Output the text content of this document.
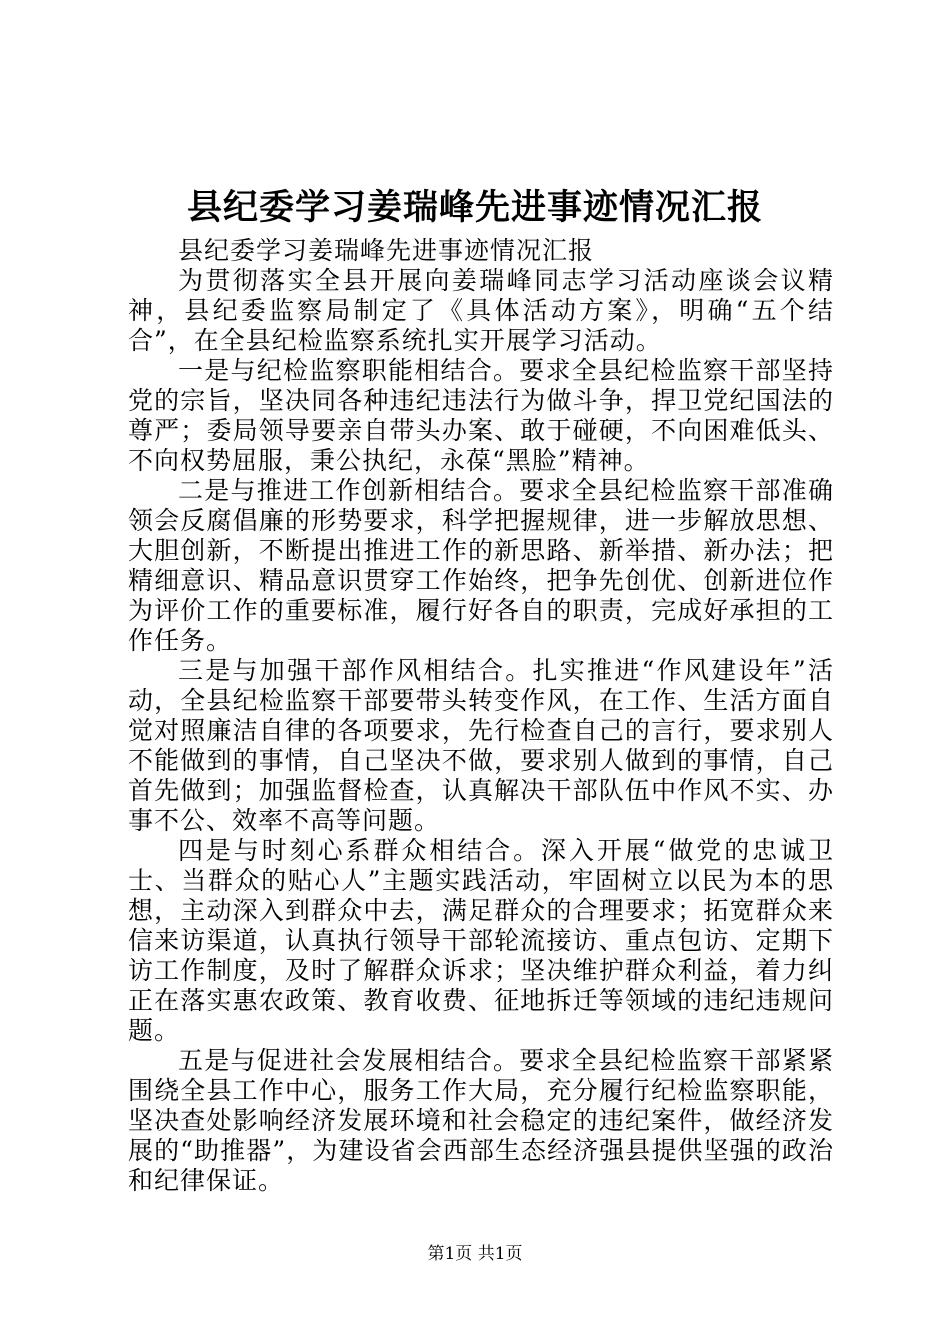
县纪委学习姜瑞峰先进事迹情况汇报

县纪委学习姜瑞峰先进事迹情况汇报

为贯彻落实全县开展向姜瑞峰同志学习活动座谈会议精神，县纪委监察局制定了《具体活动方案》，明确“五个结合”，在全县纪检监察系统扎实开展学习活动。

一是与纪检监察职能相结合。要求全县纪检监察干部坚持党的宗旨，坚决同各种违纪违法行为做斗争，捍卫党纪国法的尊严；委局领导要亲自带头办案、敢于碰硬，不向困难低头、不向权势屈服，秉公执纪，永葆“黑脸”精神。

二是与推进工作创新相结合。要求全县纪检监察干部准确领会反腐倡廉的形势要求，科学把握规律，进一步解放思想、大胆创新，不断提出推进工作的新思路、新举措、新办法；把精细意识、精品意识贯穿工作始终，把争先创优、创新进位作为评价工作的重要标准，履行好各自的职责，完成好承担的工作任务。

三是与加强干部作风相结合。扎实推进“作风建设年”活动，全县纪检监察干部要带头转变作风，在工作、生活方面自觉对照廉洁自律的各项要求，先行检查自己的言行，要求别人不能做到的事情，自己坚决不做，要求别人做到的事情，自己首先做到；加强监督检查，认真解决干部队伍中作风不实、办事不公、效率不高等问题。

四是与时刻心系群众相结合。深入开展“做党的忠诚卫士、当群众的贴心人”主题实践活动，牢固树立以民为本的思想，主动深入到群众中去，满足群众的合理要求；拓宽群众来信来访渠道，认真执行领导干部轮流接访、重点包访、定期下访工作制度，及时了解群众诉求；坚决维护群众利益，着力纠正在落实惠农政策、教育收费、征地拆迁等领域的违纪违规问题。

五是与促进社会发展相结合。要求全县纪检监察干部紧紧围绕全县工作中心，服务工作大局，充分履行纪检监察职能，坚决查处影响经济发展环境和社会稳定的违纪案件，做经济发展的“助推器”，为建设省会西部生态经济强县提供坚强的政治和纪律保证。

第1页 共1页
